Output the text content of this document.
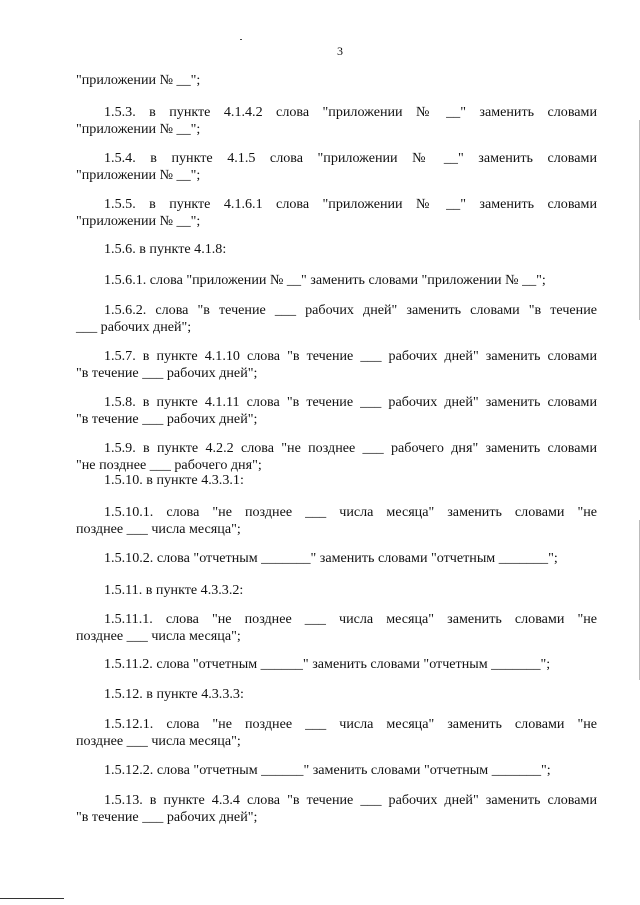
3
"приложении № __";
1.5.3.  в  пункте  4.1.4.2  слова  "приложении  №  __"  заменить  словами
"приложении № __";
1.5.4.  в  пункте  4.1.5  слова  "приложении  №  __"  заменить  словами
"приложении № __";
1.5.5.  в  пункте  4.1.6.1  слова  "приложении  №  __"  заменить  словами
"приложении № __";
1.5.6. в пункте 4.1.8:
1.5.6.1. слова "приложении № __" заменить словами "приложении № __";
1.5.6.2. слова "в течение ___ рабочих дней" заменить словами "в течение
___ рабочих дней";
1.5.7. в пункте 4.1.10 слова "в течение ___ рабочих дней" заменить словами
"в течение ___ рабочих дней";
1.5.8. в пункте 4.1.11 слова "в течение ___ рабочих дней" заменить словами
"в течение ___ рабочих дней";
1.5.9. в пункте 4.2.2 слова "не позднее ___ рабочего дня" заменить словами
"не позднее ___ рабочего дня";
1.5.10. в пункте 4.3.3.1:
1.5.10.1.  слова  "не  позднее  ___  числа  месяца"  заменить  словами  "не
позднее ___ числа месяца";
1.5.10.2. слова "отчетным _______" заменить словами "отчетным _______";
1.5.11. в пункте 4.3.3.2:
1.5.11.1.  слова  "не  позднее  ___  числа  месяца"  заменить  словами  "не
позднее ___ числа месяца";
1.5.11.2. слова "отчетным ______" заменить словами "отчетным _______";
1.5.12. в пункте 4.3.3.3:
1.5.12.1.  слова  "не  позднее  ___  числа  месяца"  заменить  словами  "не
позднее ___ числа месяца";
1.5.12.2. слова "отчетным ______" заменить словами "отчетным _______";
1.5.13. в пункте 4.3.4 слова "в течение ___ рабочих дней" заменить словами
"в течение ___ рабочих дней";
